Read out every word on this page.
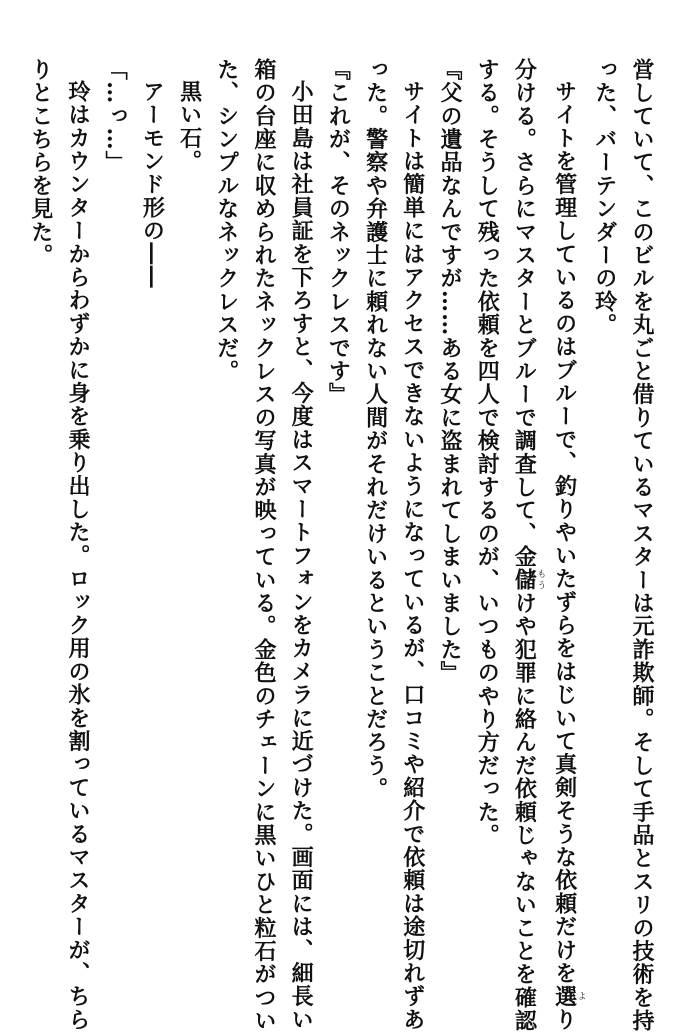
営していて、このビルを丸ごと借りているマスターは元詐欺師。そして手品とスリの技術を持
った、バーテンダーの玲。
サイトを管理しているのはブルーで、釣りやいたずらをはじいて真剣そうな依頼だけを選より
分ける。さらにマスターとブルーで調査して、金儲もうけや犯罪に絡んだ依頼じゃないことを確認
する。そうして残った依頼を四人で検討するのが、いつものやり方だった。
『父の遺品なんですが……ある女に盗まれてしまいました』
サイトは簡単にはアクセスできないようになっているが、口コミや紹介で依頼は途切れずあ
った。警察や弁護士に頼れない人間がそれだけいるということだろう。
『これが、そのネックレスです』
小田島は社員証を下ろすと、今度はスマートフォンをカメラに近づけた。画面には、細長い
箱の台座に収められたネックレスの写真が映っている。金色のチェーンに黒いひと粒石がつい
た、シンプルなネックレスだ。
黒い石。
アーモンド形の――
「…っ…」
玲はカウンターからわずかに身を乗り出した。ロック用の氷を割っているマスターが、ちら
りとこちらを見た。
